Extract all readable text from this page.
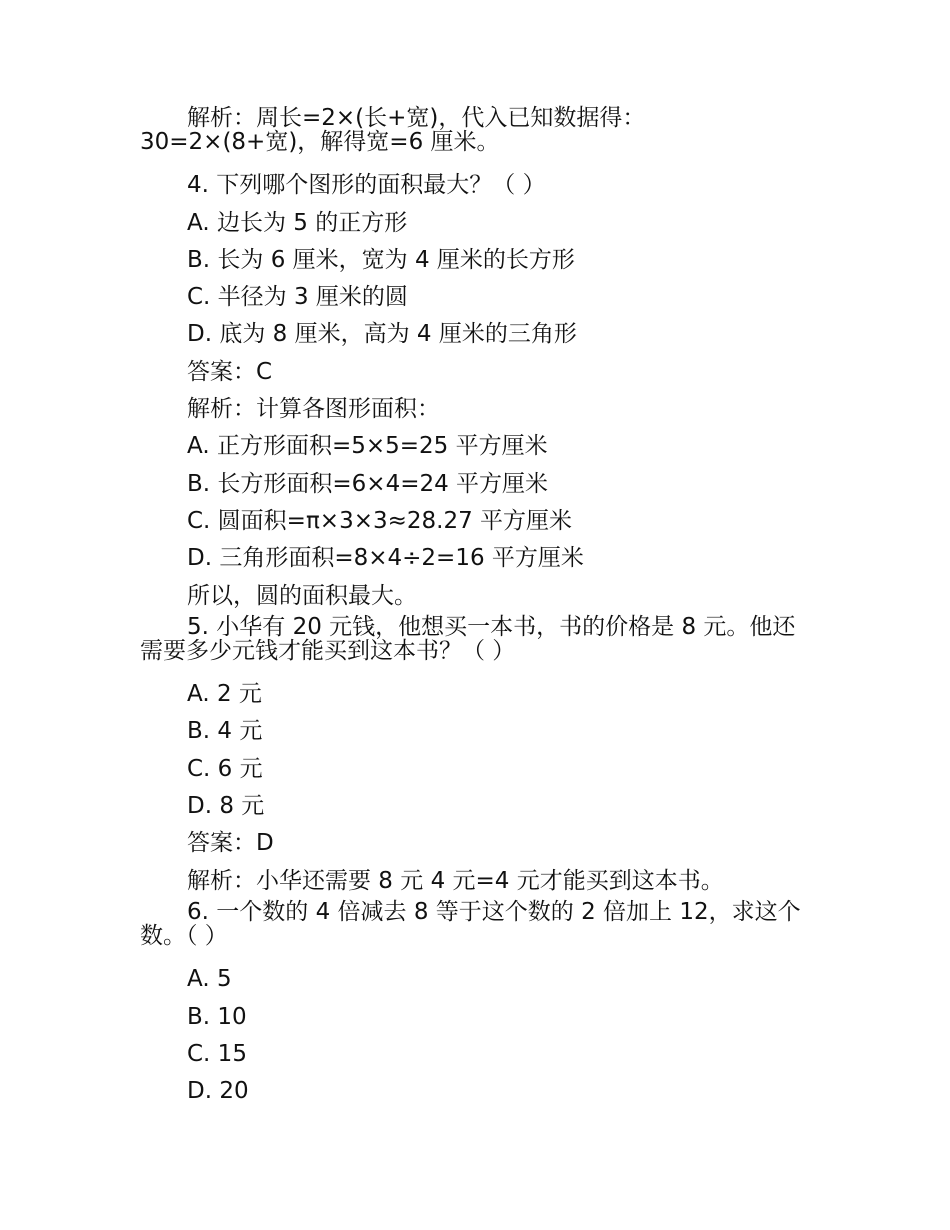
解析：周长=2×(长+宽)，代入已知数据得：30=2×(8+宽)，解得宽=6 厘米。

4. 下列哪个图形的面积最大？（ ）

A. 边长为 5 的正方形

B. 长为 6 厘米，宽为 4 厘米的长方形

C. 半径为 3 厘米的圆

D. 底为 8 厘米，高为 4 厘米的三角形

答案：C

解析：计算各图形面积：

A. 正方形面积=5×5=25 平方厘米

B. 长方形面积=6×4=24 平方厘米

C. 圆面积=π×3×3≈28.27 平方厘米

D. 三角形面积=8×4÷2=16 平方厘米

所以，圆的面积最大。

5. 小华有 20 元钱，他想买一本书，书的价格是 8 元。他还需要多少元钱才能买到这本书？（ ）

A. 2 元

B. 4 元

C. 6 元

D. 8 元

答案：D

解析：小华还需要 8 元 4 元=4 元才能买到这本书。

6. 一个数的 4 倍减去 8 等于这个数的 2 倍加上 12，求这个数。（ ）

A. 5

B. 10

C. 15

D. 20
